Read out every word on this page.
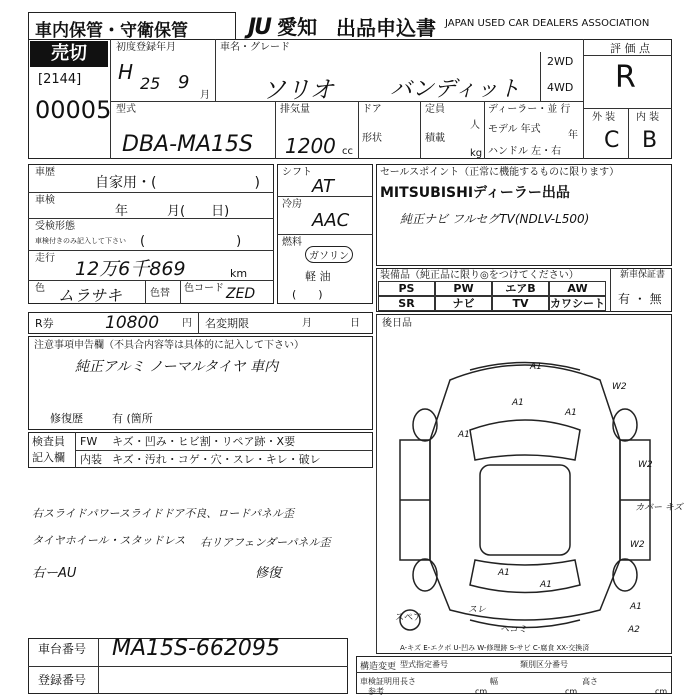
車内保管・守衛保管	JU 愛知 出品申込書 JAPAN USED CAR DEALERS ASSOCIATION
売切
[2144]
00005
初度登録年月	車名・グレード
H 25 9
月 ソリオ	バンディット
2WD
4WD
評 価 点
R
外 装 内 装
C B
型式
DBA-MA15S
排気量
1200 cc
ドア
形状
定員
人
積載
kg
ディーラー・並 行
モデル 年式
年
ハンドル 左・右
車歴
自家用・(　　　　　　　)
車検
年　　　月(　　日)
受検形態
車検付きのみ記入して下さい (　　　　　　　)
走行 12万6千869	km
色 ムラサキ	色替 色コード ZED
シフト
AT
冷房
AAC
燃料
ガソリン
軽 油
(　　)
セールスポイント（正常に機能するものに限ります）
MITSUBISHIディーラー出品
純正ナビ フルセグTV(NDLV-L500)
装備品（純正品に限り◎をつけてください）
PS	PW	エアB	AW
SR	ナビ	TV	カワシート
新車保証書
有 ・ 無
R券	10800 円 名変期限	月	日 後日品
注意事項申告欄（不具合内容等は具体的に記入して下さい）
純正アルミ ノーマルタイヤ 車内
修復歴	有 (箇所
検査員
記入欄
FW キズ・凹み・ヒビ割・リペア跡・X要
内装 キズ・汚れ・コゲ・穴・スレ・キレ・破レ
右スライドパワースライドドア不良、ロードパネル歪
タイヤホイール・スタッドレス
右ーAU
右リアフェンダーパネル歪
修復
A1
A1
A1
A1
A1
A1
W2
W2
W2
カバー キズ
A1
A2
スレ
ヘコミ
スペア
A-キズ E-エクボ U-凹み W-修理跡 S-サビ C-腐食 XX-交換済
車台番号 MA15S-662095
登録番号
構造変更 型式指定番号	類別区分番号
車検証明用
参考
長さ
cm
幅
cm
高さ
cm
